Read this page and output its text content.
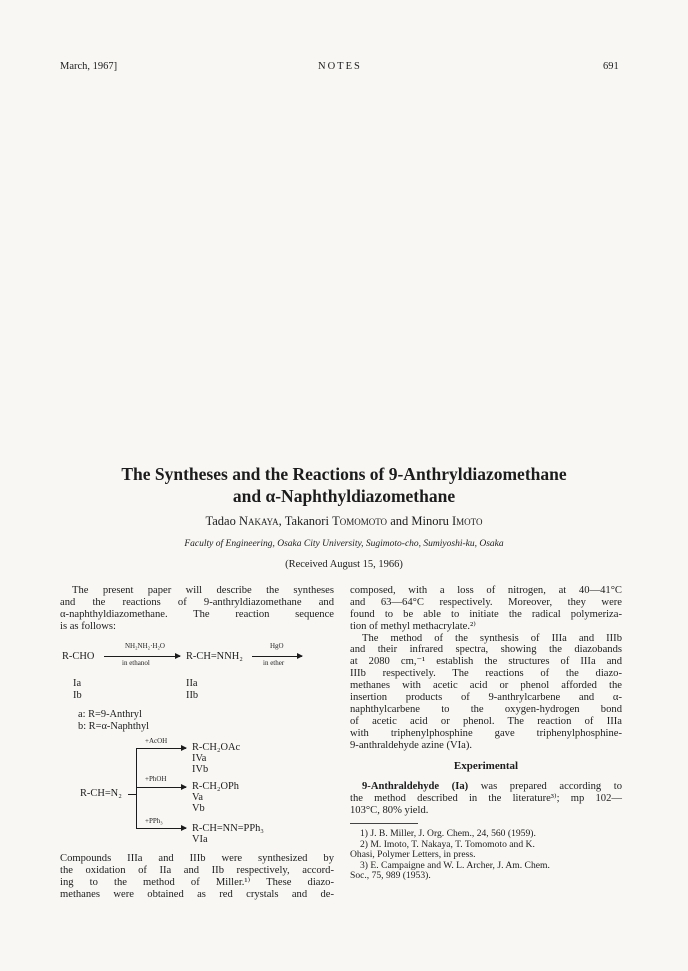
March, 1967]	NOTES	691
The Syntheses and the Reactions of 9-Anthryldiazomethane
and α-Naphthyldiazomethane
Tadao Nakaya, Takanori Tomomoto and Minoru Imoto
Faculty of Engineering, Osaka City University, Sugimoto-cho, Sumiyoshi-ku, Osaka
(Received August 15, 1966)
The present paper will describe the syntheses
and the reactions of 9-anthryldiazomethane and
α-naphthyldiazomethane. The reaction sequence
is as follows:
R-CHO
NH₂NH₂·H₂O
in ethanol
R-CH=NNH₂
HgO
in ether
Ia	IIa
Ib	IIb
a: R=9-Anthryl
b: R=α-Naphthyl
R-CH=N₂
+AcOH
R-CH₂OAc
IVa
IVb
+PhOH
R-CH₂OPh
Va
Vb
+PPh₃
R-CH=NN=PPh₃
VIa
Compounds IIIa and IIIb were synthesized by
the oxidation of IIa and IIb respectively, accord-
ing to the method of Miller.¹⁾ These diazo-
methanes were obtained as red crystals and de-
composed, with a loss of nitrogen, at 40—41°C
and 63—64°C respectively. Moreover, they were
found to be able to initiate the radical polymeriza-
tion of methyl methacrylate.²⁾
The method of the synthesis of IIIa and IIIb
and their infrared spectra, showing the diazobands
at 2080 cm,⁻¹ establish the structures of IIIa and
IIIb respectively. The reactions of the diazo-
methanes with acetic acid or phenol afforded the
insertion products of 9-anthrylcarbene and α-
naphthylcarbene to the oxygen-hydrogen bond
of acetic acid or phenol. The reaction of IIIa
with triphenylphosphine gave triphenylphosphine-
9-anthraldehyde azine (VIa).
Experimental
9-Anthraldehyde (Ia) was prepared according to
the method described in the literature³⁾; mp 102—
103°C, 80% yield.
1) J. B. Miller, J. Org. Chem., 24, 560 (1959).
2) M. Imoto, T. Nakaya, T. Tomomoto and K.
Ohasi, Polymer Letters, in press.
3) E. Campaigne and W. L. Archer, J. Am. Chem.
Soc., 75, 989 (1953).
